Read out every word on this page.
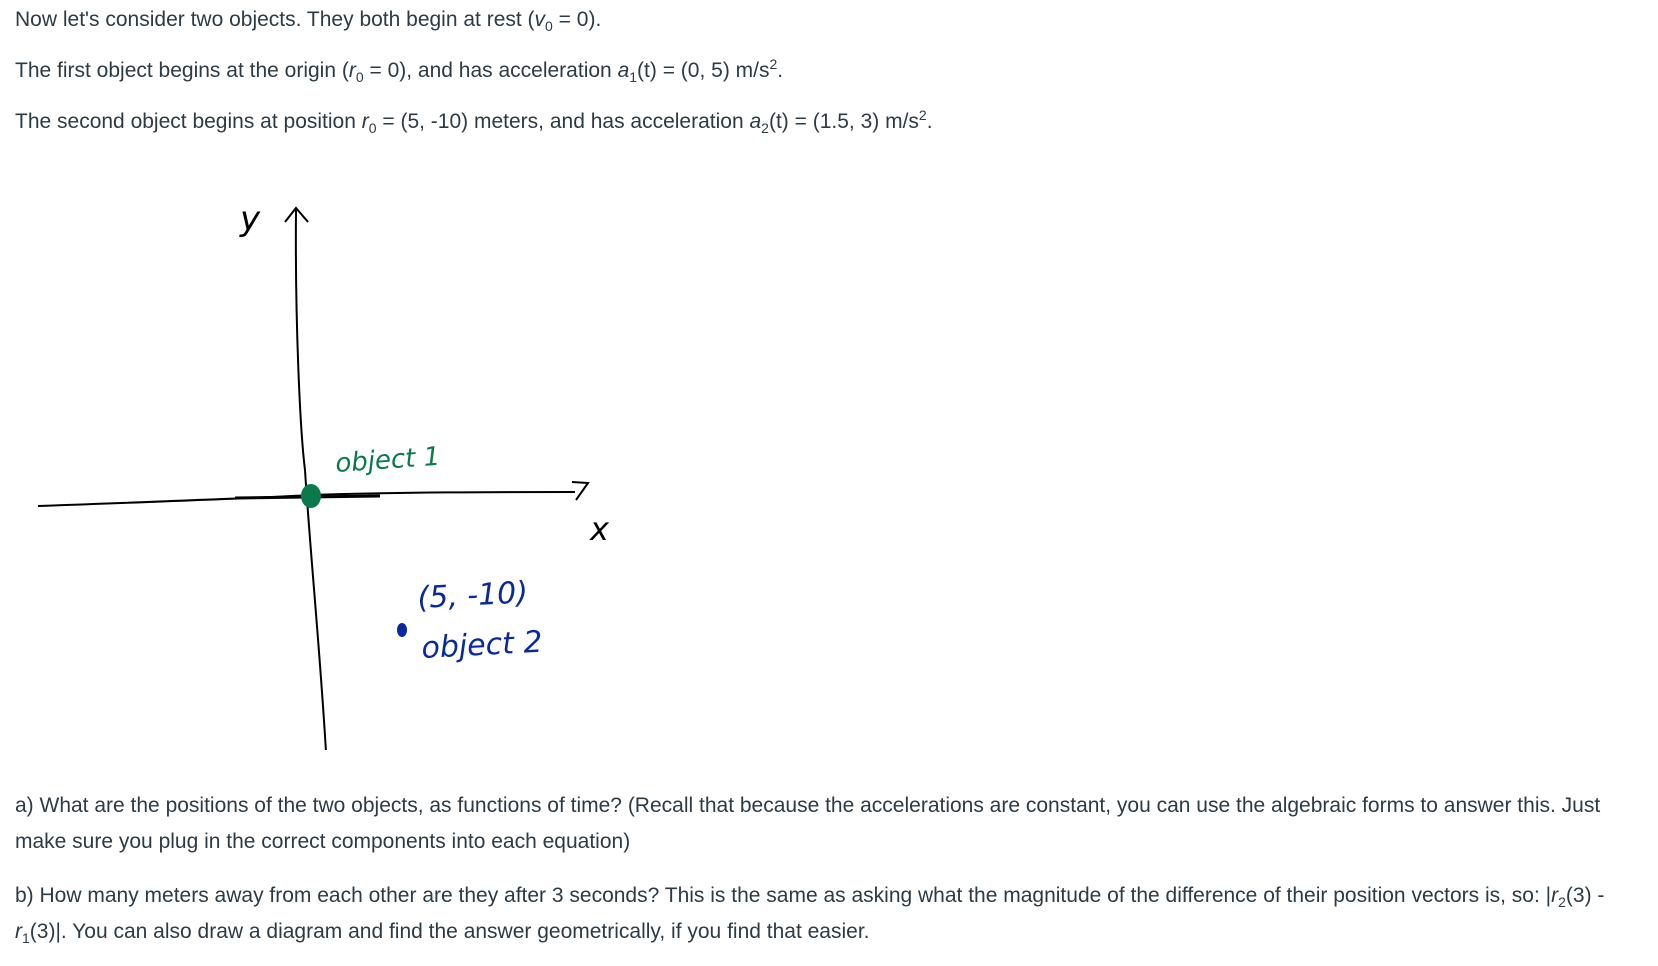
Now let's consider two objects. They both begin at rest $(v_0 = 0)$.
The first object begins at the origin $(r_0 = 0)$, and has acceleration $a_1(t) = (0$, 5) $m/s^2$.
The second object begins at position $r_0 = (5$, -10) meters, and has acceleration $a_2(t) = (1.5$, 3) $m/s^2$.
x
y
object 1
(5, -10)
object 2
a) What are the positions of the two objects, as functions of time? (Recall that because the accelerations are constant, you can use the algebraic forms to answer this. Just make sure you plug in the correct components into each equation)
b) How many meters away from each other are they after 3 seconds? This is the same as asking what the magnitude of the difference of their position vectors is, so: $|r_2(3) - r_1(3)|$. You can also draw a diagram and find the answer geometrically, if you find that easier.
